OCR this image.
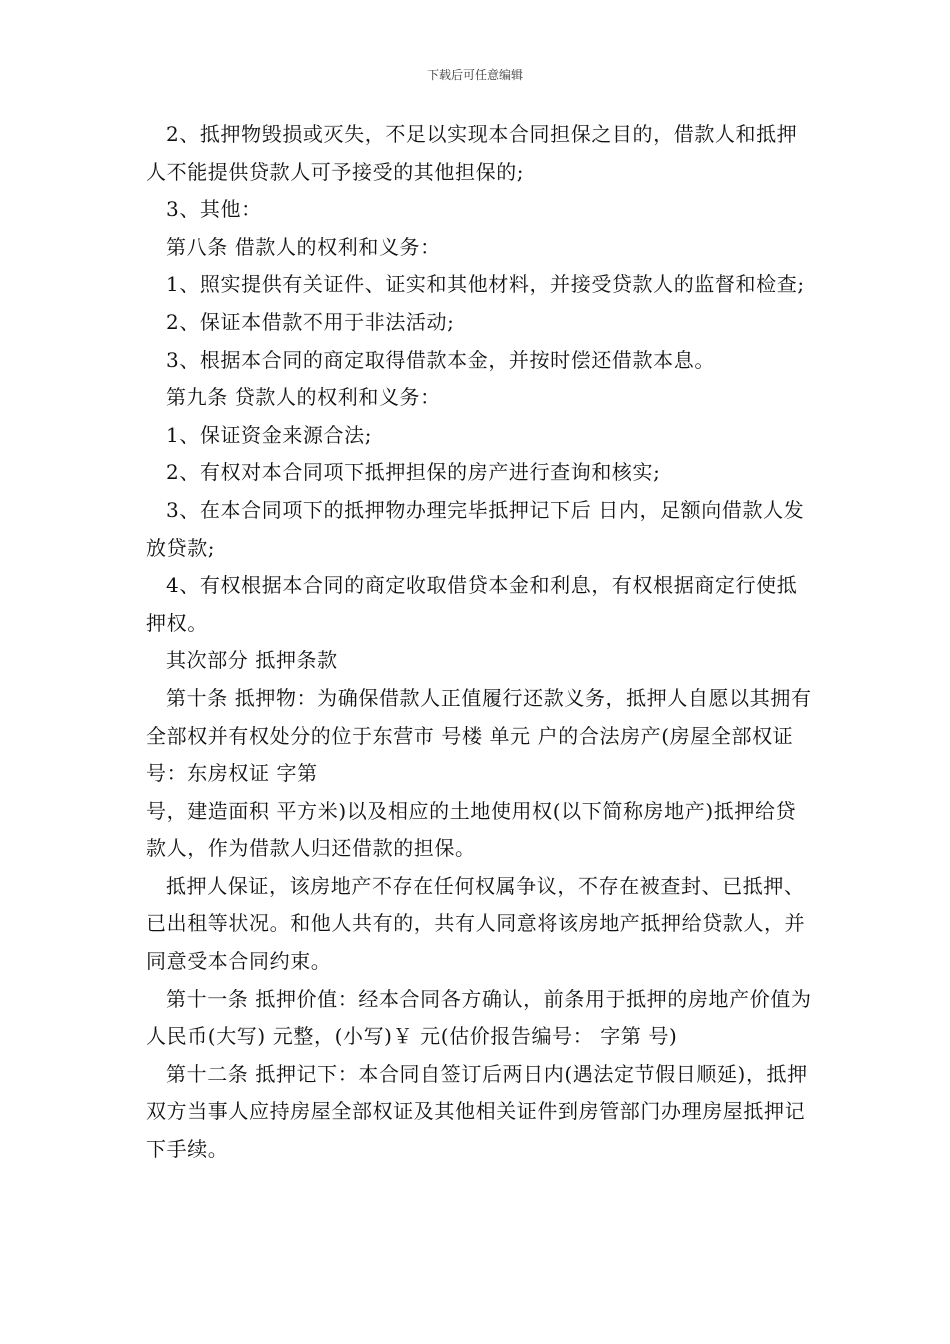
下载后可任意编辑

2、抵押物毁损或灭失，不足以实现本合同担保之目的，借款人和抵押人不能提供贷款人可予接受的其他担保的;

3、其他：

第八条 借款人的权利和义务：

1、照实提供有关证件、证实和其他材料，并接受贷款人的监督和检查;

2、保证本借款不用于非法活动;

3、根据本合同的商定取得借款本金，并按时偿还借款本息。

第九条 贷款人的权利和义务：

1、保证资金来源合法;

2、有权对本合同项下抵押担保的房产进行查询和核实;

3、在本合同项下的抵押物办理完毕抵押记下后 日内，足额向借款人发放贷款;

4、有权根据本合同的商定收取借贷本金和利息，有权根据商定行使抵押权。

其次部分 抵押条款

第十条 抵押物：为确保借款人正值履行还款义务，抵押人自愿以其拥有全部权并有权处分的位于东营市 号楼 单元 户的合法房产(房屋全部权证号：东房权证 字第

号，建造面积 平方米)以及相应的土地使用权(以下简称房地产)抵押给贷款人，作为借款人归还借款的担保。

抵押人保证，该房地产不存在任何权属争议，不存在被查封、已抵押、已出租等状况。和他人共有的，共有人同意将该房地产抵押给贷款人，并同意受本合同约束。

第十一条 抵押价值：经本合同各方确认，前条用于抵押的房地产价值为人民币(大写) 元整，(小写)￥ 元(估价报告编号： 字第 号)

第十二条 抵押记下：本合同自签订后两日内(遇法定节假日顺延)，抵押双方当事人应持房屋全部权证及其他相关证件到房管部门办理房屋抵押记下手续。
